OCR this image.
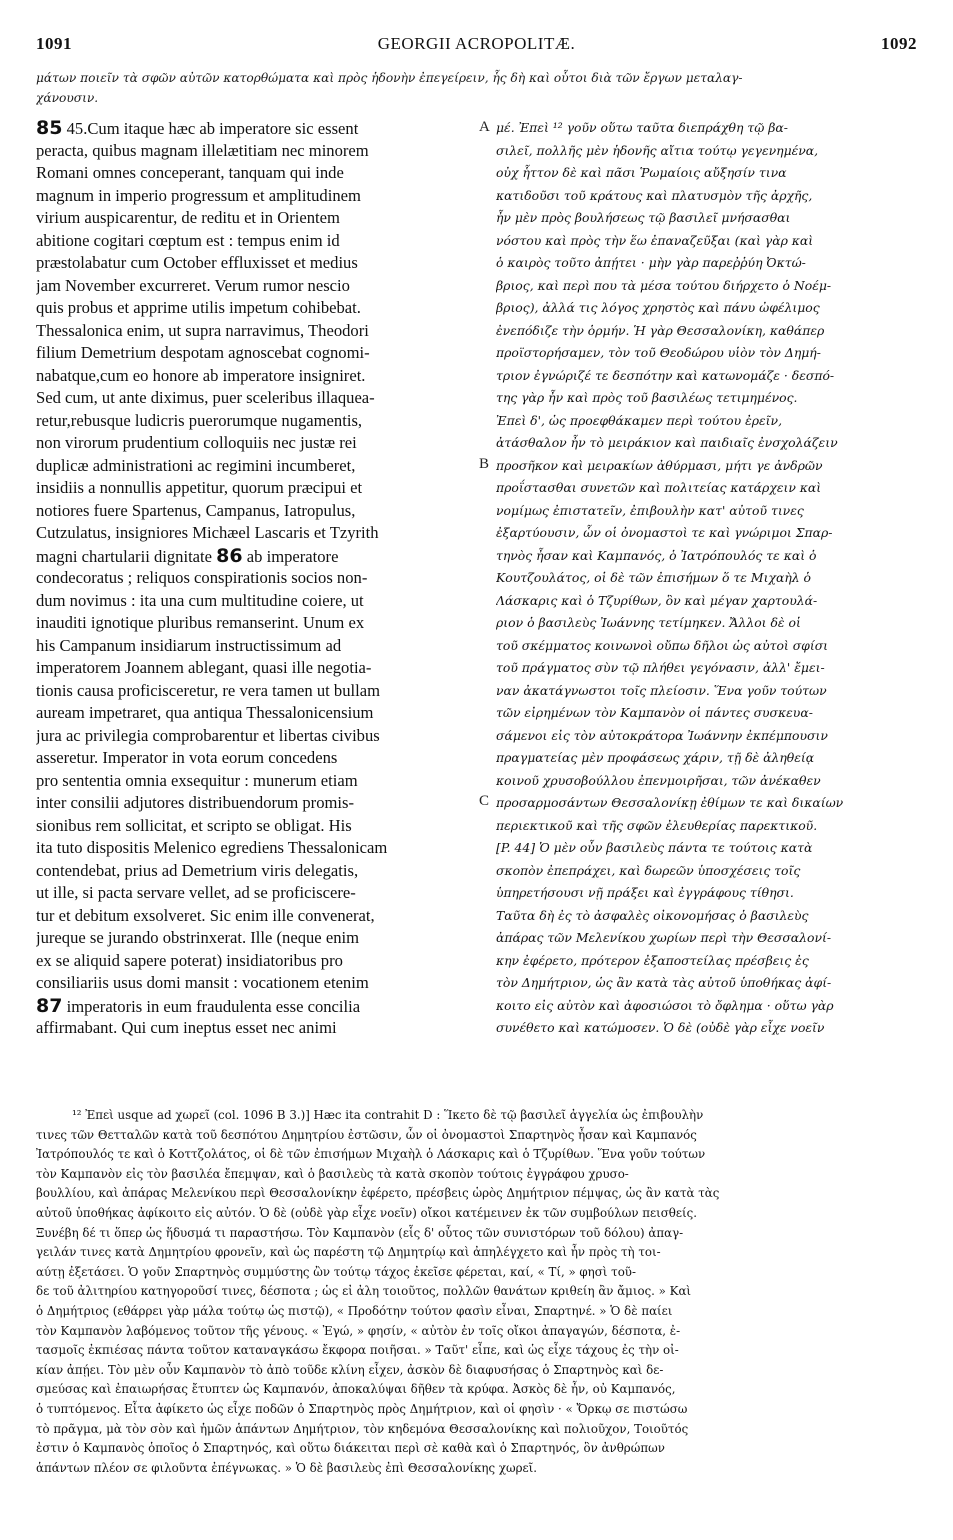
1091	GEORGII ACROPOLITÆ.	1092
μάτων ποιεῖν τὰ σφῶν αὐτῶν κατορθώματα καὶ πρὸς ἡδονὴν ἐπεγείρειν, ἧς δὴ καὶ οὗτοι διὰ τῶν ἔργων μεταλαγ-
χάνουσιν.
85 45.Cum itaque hæc ab imperatore sic essent
peracta, quibus magnam illelætitiam nec minorem
Romani omnes conceperant, tanquam qui inde
magnum in imperio progressum et amplitudinem
virium auspicarentur, de reditu et in Orientem
abitione cogitari cœptum est : tempus enim id
præstolabatur cum October effluxisset et medius
jam November excurreret. Verum rumor nescio
quis probus et apprime utilis impetum cohibebat.
Thessalonica enim, ut supra narravimus, Theodori
filium Demetrium despotam agnoscebat cognomi-
nabatque,cum eo honore ab imperatore insigniret.
Sed cum, ut ante diximus, puer sceleribus illaquea-
retur,rebusque ludicris puerorumque nugamentis,
non virorum prudentium colloquiis nec justæ rei
duplicæ administrationi ac regimini incumberet,
insidiis a nonnullis appetitur, quorum præcipui et
notiores fuere Spartenus, Campanus, Iatropulus,
Cutzulatus, insigniores Michæel Lascaris et Tzyrith
magni chartularii dignitate 86 ab imperatore
condecoratus ; reliquos conspirationis socios non-
dum novimus : ita una cum multitudine coiere, ut
inauditi ignotique pluribus remanserint. Unum ex
his Campanum insidiarum instructissimum ad
imperatorem Joannem ablegant, quasi ille negotia-
tionis causa proficisceretur, re vera tamen ut bullam
auream impetraret, qua antiqua Thessalonicensium
jura ac privilegia comprobarentur et libertas civibus
asseretur. Imperator in vota eorum concedens
pro sententia omnia exsequitur : munerum etiam
inter consilii adjutores distribuendorum promis-
sionibus rem sollicitat, et scripto se obligat. His
ita tuto dispositis Melenico egrediens Thessalonicam
contendebat, prius ad Demetrium viris delegatis,
ut ille, si pacta servare vellet, ad se proficiscere-
tur et debitum exsolveret. Sic enim ille convenerat,
jureque se jurando obstrinxerat. Ille (neque enim
ex se aliquid sapere poterat) insidiatoribus pro
consiliariis usus domi mansit : vocationem etenim
87 imperatoris in eum fraudulenta esse concilia
affirmabant. Qui cum ineptus esset nec animi
μέ. Ἐπεὶ ¹² γοῦν οὕτω ταῦτα διεπράχθη τῷ βα-
σιλεῖ, πολλῆς μὲν ἡδονῆς αἴτια τούτῳ γεγενημένα,
οὐχ ἧττον δὲ καὶ πᾶσι Ῥωμαίοις αὔξησίν τινα
κατιδοῦσι τοῦ κράτους καὶ πλατυσμὸν τῆς ἀρχῆς,
ἦν μὲν πρὸς βουλήσεως τῷ βασιλεῖ μνήσασθαι
νόστου καὶ πρὸς τὴν ἕω ἐπαναζεῦξαι (καὶ γὰρ καὶ
ὁ καιρὸς τοῦτο ἀπῄτει · μὴν γὰρ παρεῤῥύη Ὀκτώ-
βριος, καὶ περὶ που τὰ μέσα τούτου διήρχετο ὁ Νοέμ-
βριος), ἀλλά τις λόγος χρηστὸς καὶ πάνυ ὠφέλιμος
ἐνεπόδιζε τὴν ὁρμήν. Ἡ γὰρ Θεσσαλονίκη, καθάπερ
προϊστορήσαμεν, τὸν τοῦ Θεοδώρου υἱὸν τὸν Δημή-
τριον ἐγνώριζέ τε δεσπότην καὶ κατωνομάζε · δεσπό-
της γὰρ ἦν καὶ πρὸς τοῦ βασιλέως τετιμημένος.
Ἐπεὶ δ', ὡς προεφθάκαμεν περὶ τούτου ἐρεῖν,
ἀτάσθαλον ἦν τὸ μειράκιον καὶ παιδιαῖς ἐνσχολάζειν
προσῆκον καὶ μειρακίων ἀθύρμασι, μήτι γε ἀνδρῶν
προΐστασθαι συνετῶν καὶ πολιτείας κατάρχειν καὶ
νομίμως ἐπιστατεῖν, ἐπιβουλὴν κατ' αὐτοῦ τινες
ἐξαρτύουσιν, ὧν οἱ ὀνομαστοὶ τε καὶ γνώριμοι Σπαρ-
τηνὸς ἦσαν καὶ Καμπανός, ὁ Ἰατρόπουλός τε καὶ ὁ
Κουτζουλάτος, οἱ δὲ τῶν ἐπισήμων ὅ τε Μιχαὴλ ὁ
Λάσκαρις καὶ ὁ Τζυρίθων, ὃν καὶ μέγαν χαρτουλά-
ριον ὁ βασιλεὺς Ἰωάννης τετίμηκεν. Ἄλλοι δὲ οἱ
τοῦ σκέμματος κοινωνοὶ οὔπω δῆλοι ὡς αὐτοὶ σφίσι
τοῦ πράγματος σὺν τῷ πλήθει γεγόνασιν, ἀλλ' ἔμει-
ναν ἀκατάγνωστοι τοῖς πλείοσιν. Ἕνα γοῦν τούτων
τῶν εἰρημένων τὸν Καμπανὸν οἱ πάντες συσκευα-
σάμενοι εἰς τὸν αὐτοκράτορα Ἰωάννην ἐκπέμπουσιν
πραγματείας μὲν προφάσεως χάριν, τῇ δὲ ἀληθείᾳ
κοινοῦ χρυσοβούλλου ἐπενμοιρῆσαι, τῶν ἀνέκαθεν
προσαρμοσάντων Θεσσαλονίκῃ ἐθίμων τε καὶ δικαίων
περιεκτικοῦ καὶ τῆς σφῶν ἐλευθερίας παρεκτικοῦ.
[P. 44] Ὁ μὲν οὖν βασιλεὺς πάντα τε τούτοις κατὰ
σκοπὸν ἐπεπράχει, καὶ δωρεῶν ὑποσχέσεις τοῖς
ὑπηρετήσουσι νῇ πράξει καὶ ἐγγράφους τίθησι.
Ταῦτα δὴ ἐς τὸ ἀσφαλὲς οἰκονομήσας ὁ βασιλεὺς
ἀπάρας τῶν Μελενίκου χωρίων περὶ τὴν Θεσσαλονί-
κην ἐφέρετο, πρότερον ἐξαποστείλας πρέσβεις ἐς
τὸν Δημήτριον, ὡς ἂν κατὰ τὰς αὐτοῦ ὑποθήκας ἀφί-
κοιτο εἰς αὐτὸν καὶ ἀφοσιώσοι τὸ ὄφλημα · οὕτω γὰρ
συνέθετο καὶ κατώμοσεν. Ὁ δὲ (οὐδὲ γὰρ εἶχε νοεῖν
A
B
C
¹² Ἐπεὶ usque ad χωρεῖ (col. 1096 B 3.)] Hæc ita contrahit D : Ἵκετο δὲ τῷ βασιλεῖ ἀγγελία ὡς ἐπιβουλὴν
τινες τῶν Θετταλῶν κατὰ τοῦ δεσπότου Δημητρίου ἐστῶσιν, ὧν οἱ ὀνομαστοὶ Σπαρτηνὸς ἦσαν καὶ Καμπανός
Ἰατρόπουλός τε καὶ ὁ Κοττζολάτος, οἱ δὲ τῶν ἐπισήμων Μιχαὴλ ὁ Λάσκαρις καὶ ὁ Τζυρίθων. Ἕνα γοῦν τούτων
τὸν Καμπανὸν εἰς τὸν βασιλέα ἔπεμψαν, καὶ ὁ βασιλεὺς τὰ κατὰ σκοπὸν τούτοις ἐγγράφου χρυσο-
βουλλίου, καὶ ἀπάρας Μελενίκου περὶ Θεσσαλονίκην ἐφέρετο, πρέσβεις ὡρὸς Δημήτριον πέμψας, ὡς ἂν κατὰ τὰς
αὐτοῦ ὑποθήκας ἀφίκοιτο εἰς αὐτόν. Ὁ δὲ (οὐδὲ γὰρ εἶχε νοεῖν) οἴκοι κατέμεινεν ἐκ τῶν συμβούλων πεισθείς.
Ξυνέβη δέ τι ὅπερ ὡς ἥδυσμά τι παραστήσω. Τὸν Καμπανὸν (εἷς δ' οὗτος τῶν συνιστόρων τοῦ δόλου) ἀπαγ-
γειλάν τινες κατὰ Δημητρίου φρονεῖν, καὶ ὡς παρέστη τῷ Δημητρίῳ καὶ ἀπηλέγχετο καὶ ἦν πρὸς τὴ τοι-
αύτῃ ἐξετάσει. Ὁ γοῦν Σπαρτηνὸς συμμύστης ὢν τούτῳ τάχος ἐκεῖσε φέρεται, καί, « Τί, » φησὶ τοῦ-
δε τοῦ ἀλιτηρίου κατηγοροῦσί τινες, δέσποτα ; ὡς εἰ ἀλη τοιοῦτος, πολλῶν θανάτων κριθείη ἂν ἄμιος. » Καὶ
ὁ Δημήτριος (εθάρρει γὰρ μάλα τούτῳ ὡς πιστῷ), « Προδότην τούτον φασὶν εἶναι, Σπαρτηνέ. » Ὁ δὲ παίει
τὸν Καμπανὸν λαβόμενος τοῦτον τῆς γένους. « Ἐγώ, » φησίν, « αὐτὸν ἐν τοῖς οἴκοι ἀπαγαγών, δέσποτα, ἐ-
τασμοῖς ἐκπιέσας πάντα τοῦτον καταναγκάσω ἔκφορα ποιῆσαι. » Ταῦτ' εἶπε, καὶ ὡς εἶχε τάχους ἐς τὴν οἰ-
κίαν ἀπῄει. Τὸν μὲν οὖν Καμπανὸν τὸ ἀπὸ τοῦδε κλίνη εἶχεν, ἀσκὸν δὲ διαφυσήσας ὁ Σπαρτηνὸς καὶ δε-
σμεύσας καὶ ἐπαιωρήσας ἔτυπτεν ὡς Καμπανόν, ἀποκαλύψαι δῆθεν τὰ κρύφα. Ἀσκὸς δὲ ἦν, οὐ Καμπανός,
ὁ τυπτόμενος. Εἶτα ἀφίκετο ὡς εἶχε ποδῶν ὁ Σπαρτηνὸς πρὸς Δημήτριον, καὶ οἱ φησὶν · « Ὄρκῳ σε πιστώσω
τὸ πρᾶγμα, μὰ τὸν σὸν καὶ ἡμῶν ἁπάντων Δημήτριον, τὸν κηδεμόνα Θεσσαλονίκης καὶ πολιοῦχον, Τοιοῦτός
ἐστιν ὁ Καμπανὸς ὁποῖος ὁ Σπαρτηνός, καὶ οὕτω διάκειται περὶ σὲ καθὰ καὶ ὁ Σπαρτηνός, ὃν ἀνθρώπων
ἁπάντων πλέον σε φιλοῦντα ἐπέγνωκας. » Ὁ δὲ βασιλεὺς ἐπὶ Θεσσαλονίκης χωρεῖ.
